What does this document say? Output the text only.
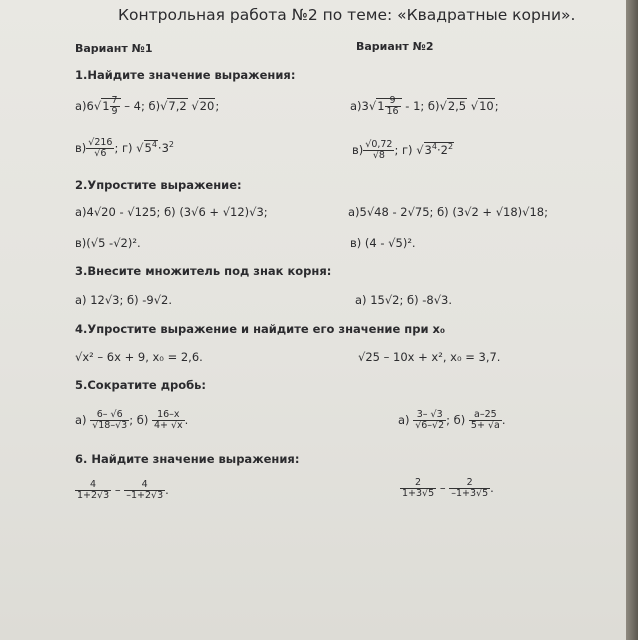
Контрольная работа №2 по теме: «Квадратные корни».
Вариант №1	Вариант №2
1.Найдите значение выражения:
$а)6√1 \frac{7}{9} - 4$; б)√7,2 √20;	$а)3√1 \frac{9}{16} - 1$; б)√2,5 √10;
$в) \frac{√216}{√6}$ ; г) $√5^4\cdot 3^2$	$в) \frac{√0,72}{√8}$ ; г) $√3^4\cdot 2^2$
2.Упростите выражение:
а)4√20 - √125; б) (3√6 + √12)√3;	а)5√48 - 2√75; б) (3√2 + √18)√18;
в)(√5 -√2)².	в) (4 - √5)².
3.Внесите множитель под знак корня:
а) 12√3; б) -9√2.	а) 15√2; б) -8√3.
4.Упростите выражение и найдите его значение при x₀
√x² – 6x + 9, x₀ = 2,6.	√25 – 10x + x², x₀ = 3,7.
5.Сократите дробь:
$а) \frac{6- √6}{√18-√3}$ ; $б) \frac{16-x}{4+ √x}$ .	$а) \frac{3- √3}{√6-√2}$ ; $б) \frac{a-25}{5+ √a}$ .
6. Найдите значение выражения:
$\frac{4}{1+2√3} - \frac{4}{-1+2√3}$ .	$\frac{2}{1+3√5} - \frac{2}{-1+3√5}$ .
